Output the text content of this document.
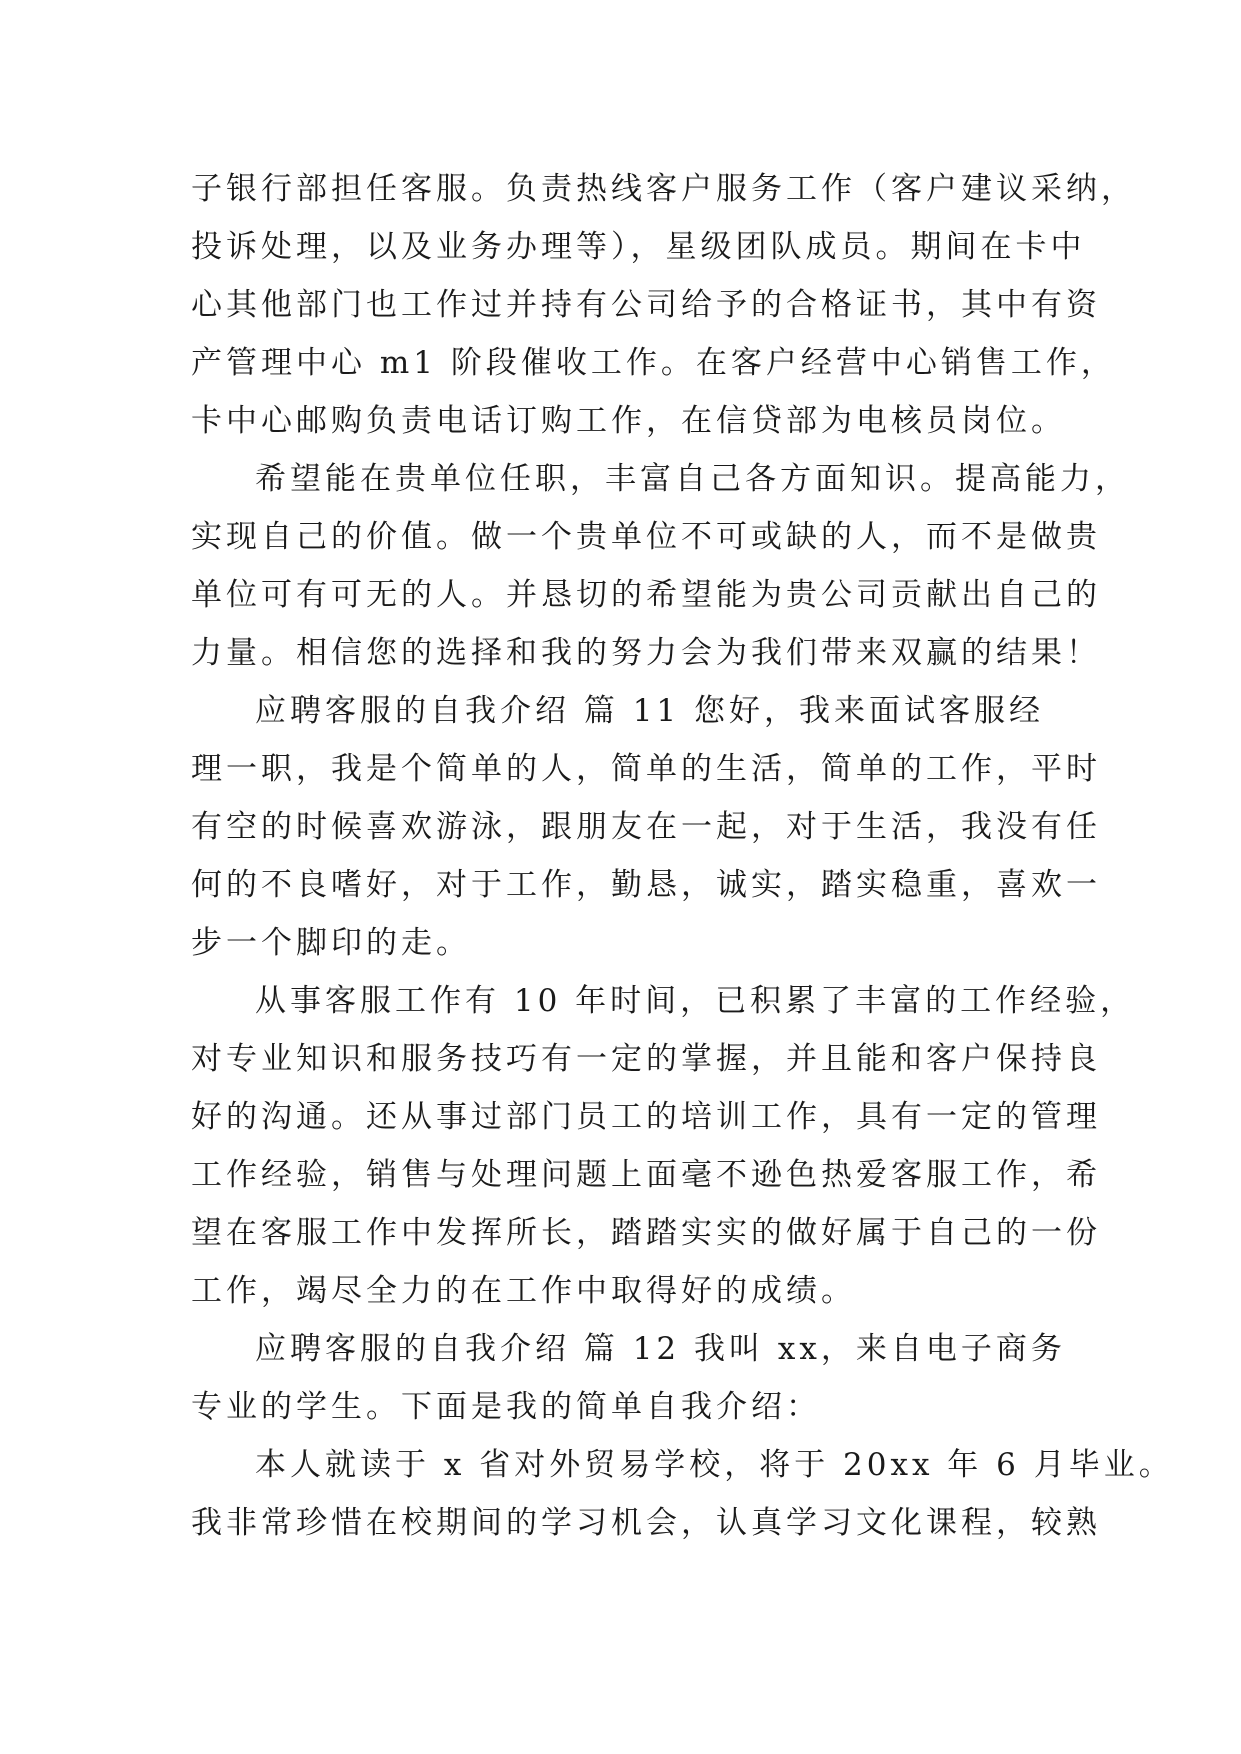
子银行部担任客服。负责热线客户服务工作（客户建议采纳，
投诉处理，以及业务办理等），星级团队成员。期间在卡中
心其他部门也工作过并持有公司给予的合格证书，其中有资
产管理中心 m1 阶段催收工作。在客户经营中心销售工作，
卡中心邮购负责电话订购工作，在信贷部为电核员岗位。
希望能在贵单位任职，丰富自己各方面知识。提高能力，
实现自己的价值。做一个贵单位不可或缺的人，而不是做贵
单位可有可无的人。并恳切的希望能为贵公司贡献出自己的
力量。相信您的选择和我的努力会为我们带来双赢的结果！
应聘客服的自我介绍 篇 11 您好，我来面试客服经
理一职，我是个简单的人，简单的生活，简单的工作，平时
有空的时候喜欢游泳，跟朋友在一起，对于生活，我没有任
何的不良嗜好，对于工作，勤恳，诚实，踏实稳重，喜欢一
步一个脚印的走。
从事客服工作有 10 年时间，已积累了丰富的工作经验，
对专业知识和服务技巧有一定的掌握，并且能和客户保持良
好的沟通。还从事过部门员工的培训工作，具有一定的管理
工作经验，销售与处理问题上面毫不逊色热爱客服工作，希
望在客服工作中发挥所长，踏踏实实的做好属于自己的一份
工作，竭尽全力的在工作中取得好的成绩。
应聘客服的自我介绍 篇 12 我叫 xx，来自电子商务
专业的学生。下面是我的简单自我介绍：
本人就读于 x 省对外贸易学校，将于 20xx 年 6 月毕业。
我非常珍惜在校期间的学习机会，认真学习文化课程，较熟
